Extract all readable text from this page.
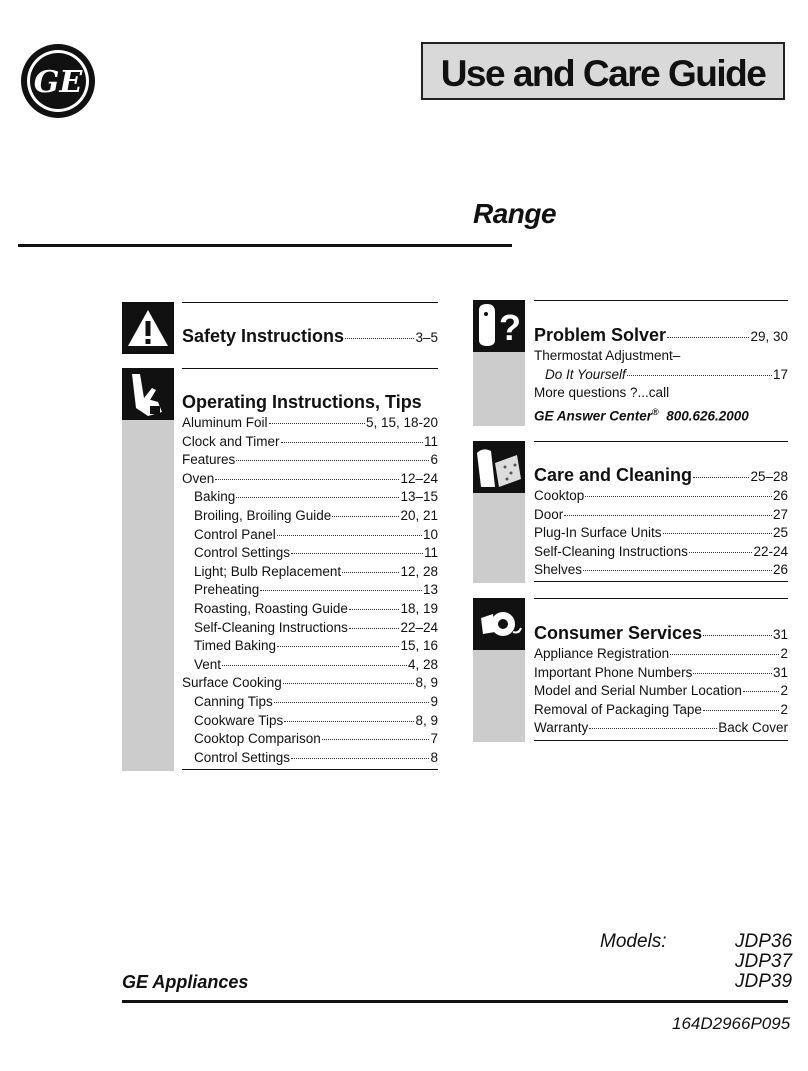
GE	Use and Care Guide
Range
Safety Instructions	3–5
Operating Instructions, Tips
Aluminum Foil	5, 15, 18-20
Clock and Timer	11
Features	6
Oven	12–24
Baking	13–15
Broiling, Broiling Guide	20, 21
Control Panel	10
Control Settings	11
Light; Bulb Replacement	12, 28
Preheating	13
Roasting, Roasting Guide	18, 19
Self-Cleaning Instructions	22–24
Timed Baking	15, 16
Vent	4, 28
Surface Cooking	8, 9
Canning Tips	9
Cookware Tips	8, 9
Cooktop Comparison	7
Control Settings	8
? Problem Solver	29, 30
Thermostat Adjustment–
Do It Yourself	17
More questions ?...call
GE Answer Center® 800.626.2000
Care and Cleaning	25–28
Cooktop	26
Door	27
Plug-In Surface Units	25
Self-Cleaning Instructions	22-24
Shelves	26
Consumer Services	31
Appliance Registration	2
Important Phone Numbers	31
Model and Serial Number Location	2
Removal of Packaging Tape	2
Warranty	Back Cover
Models:	JDP36
JDP37
JDP39
GE Appliances
164D2966P095
